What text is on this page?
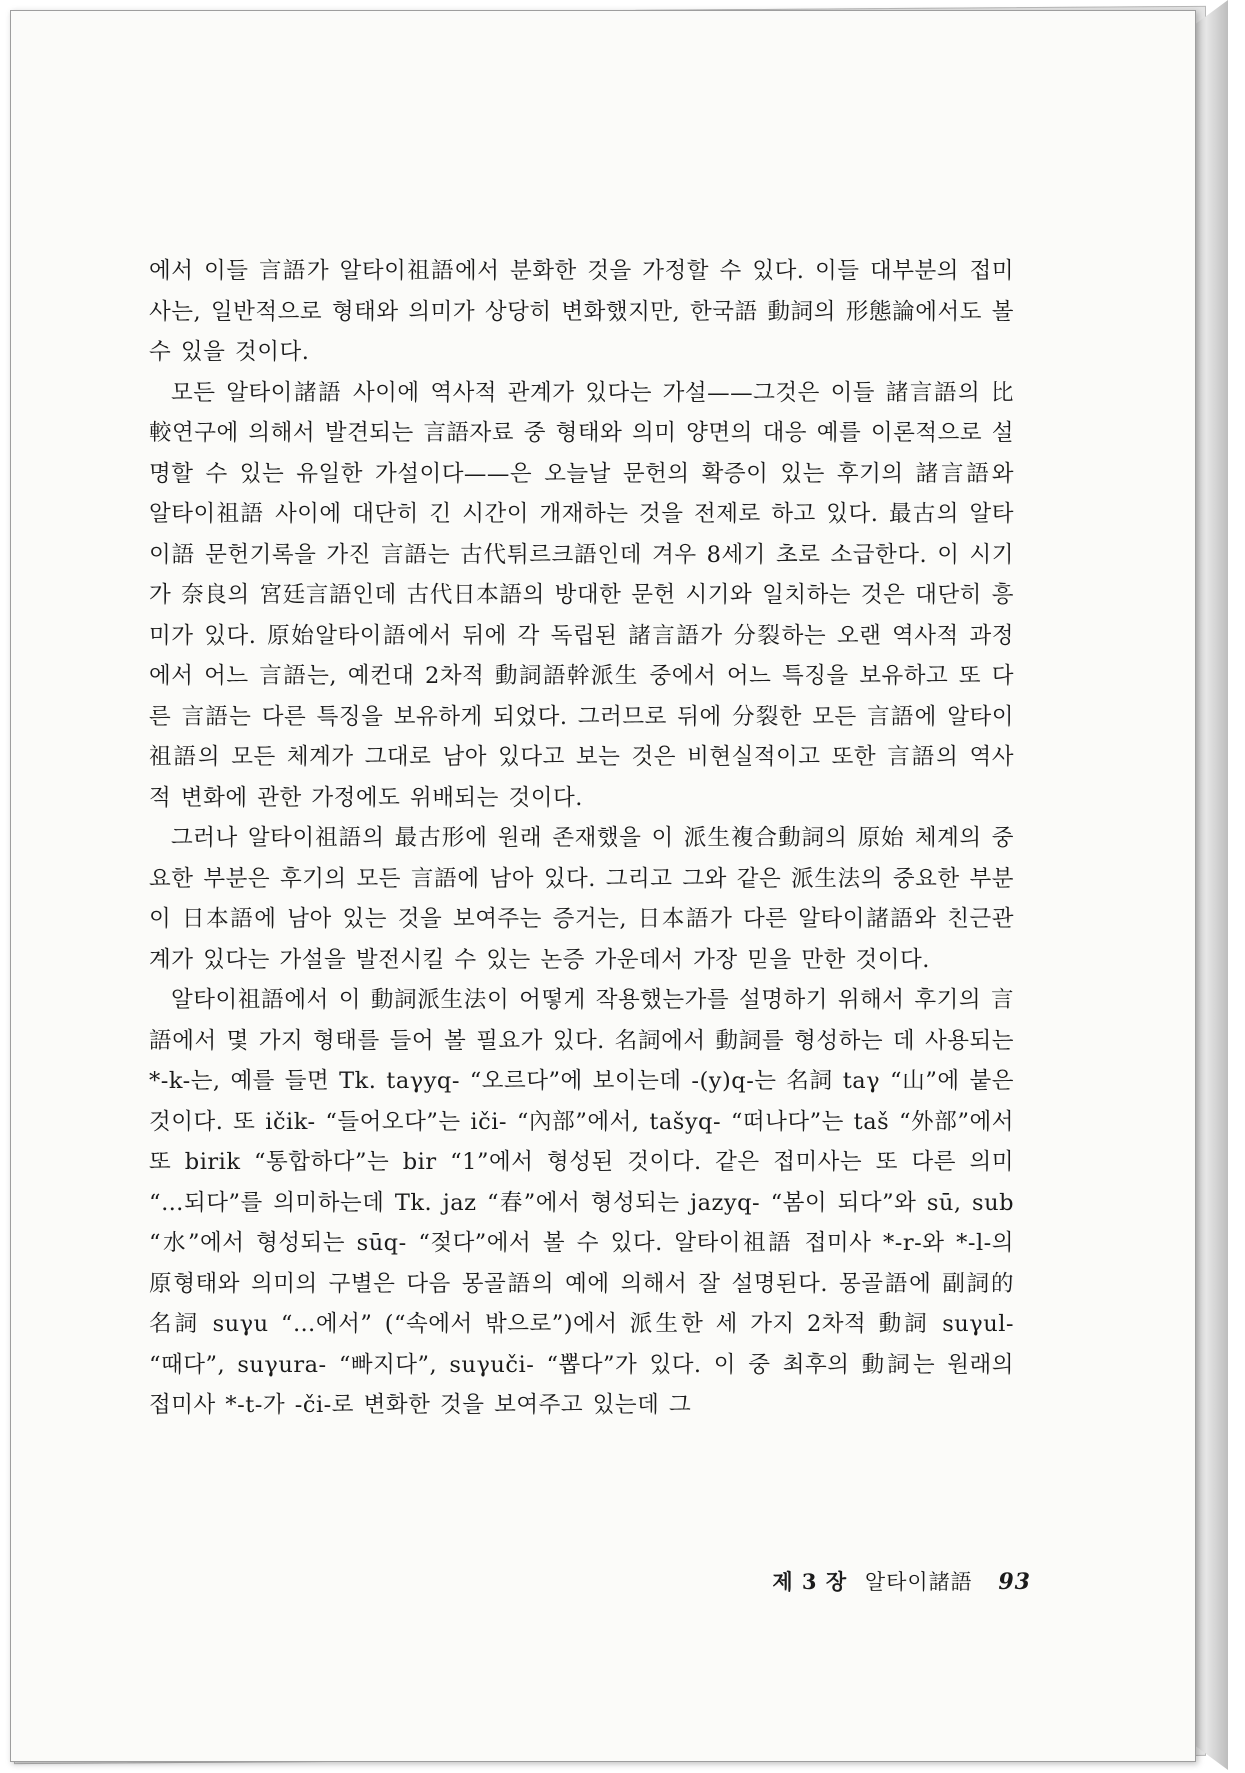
에서 이들 言語가 알타이祖語에서 분화한 것을 가정할 수 있다. 이들 대부분의 접미사는, 일반적으로 형태와 의미가 상당히 변화했지만, 한국語 動詞의 形態論에서도 볼 수 있을 것이다.

모든 알타이諸語 사이에 역사적 관계가 있다는 가설——그것은 이들 諸言語의 比較연구에 의해서 발견되는 言語자료 중 형태와 의미 양면의 대응 예를 이론적으로 설명할 수 있는 유일한 가설이다——은 오늘날 문헌의 확증이 있는 후기의 諸言語와 알타이祖語 사이에 대단히 긴 시간이 개재하는 것을 전제로 하고 있다. 最古의 알타이語 문헌기록을 가진 言語는 古代튀르크語인데 겨우 8세기 초로 소급한다. 이 시기가 奈良의 宮廷言語인데 古代日本語의 방대한 문헌 시기와 일치하는 것은 대단히 흥미가 있다. 原始알타이語에서 뒤에 각 독립된 諸言語가 分裂하는 오랜 역사적 과정에서 어느 言語는, 예컨대 2차적 動詞語幹派生 중에서 어느 특징을 보유하고 또 다른 言語는 다른 특징을 보유하게 되었다. 그러므로 뒤에 分裂한 모든 言語에 알타이祖語의 모든 체계가 그대로 남아 있다고 보는 것은 비현실적이고 또한 言語의 역사적 변화에 관한 가정에도 위배되는 것이다.

그러나 알타이祖語의 最古形에 원래 존재했을 이 派生複合動詞의 原始 체계의 중요한 부분은 후기의 모든 言語에 남아 있다. 그리고 그와 같은 派生法의 중요한 부분이 日本語에 남아 있는 것을 보여주는 증거는, 日本語가 다른 알타이諸語와 친근관계가 있다는 가설을 발전시킬 수 있는 논증 가운데서 가장 믿을 만한 것이다.

알타이祖語에서 이 動詞派生法이 어떻게 작용했는가를 설명하기 위해서 후기의 言語에서 몇 가지 형태를 들어 볼 필요가 있다. 名詞에서 動詞를 형성하는 데 사용되는 *-k-는, 예를 들면 Tk. taγyq- “오르다”에 보이는데 -(y)q-는 名詞 taγ “山”에 붙은 것이다. 또 ičik- “들어오다”는 iči- “內部”에서, tašyq- “떠나다”는 taš “外部”에서 또 birik “통합하다”는 bir “1”에서 형성된 것이다. 같은 접미사는 또 다른 의미 “…되다”를 의미하는데 Tk. jaz “春”에서 형성되는 jazyq- “봄이 되다”와 sū, sub “水”에서 형성되는 sūq- “젖다”에서 볼 수 있다. 알타이祖語 접미사 *-r-와 *-l-의 原형태와 의미의 구별은 다음 몽골語의 예에 의해서 잘 설명된다. 몽골語에 副詞的 名詞 suγu “…에서” (“속에서 밖으로”)에서 派生한 세 가지 2차적 動詞 suγul- “때다”, suγura- “빠지다”, suγuči- “뽑다”가 있다. 이 중 최후의 動詞는 원래의 접미사 *-t-가 -či-로 변화한 것을 보여주고 있는데 그

제 3 장 알타이諸語 93
